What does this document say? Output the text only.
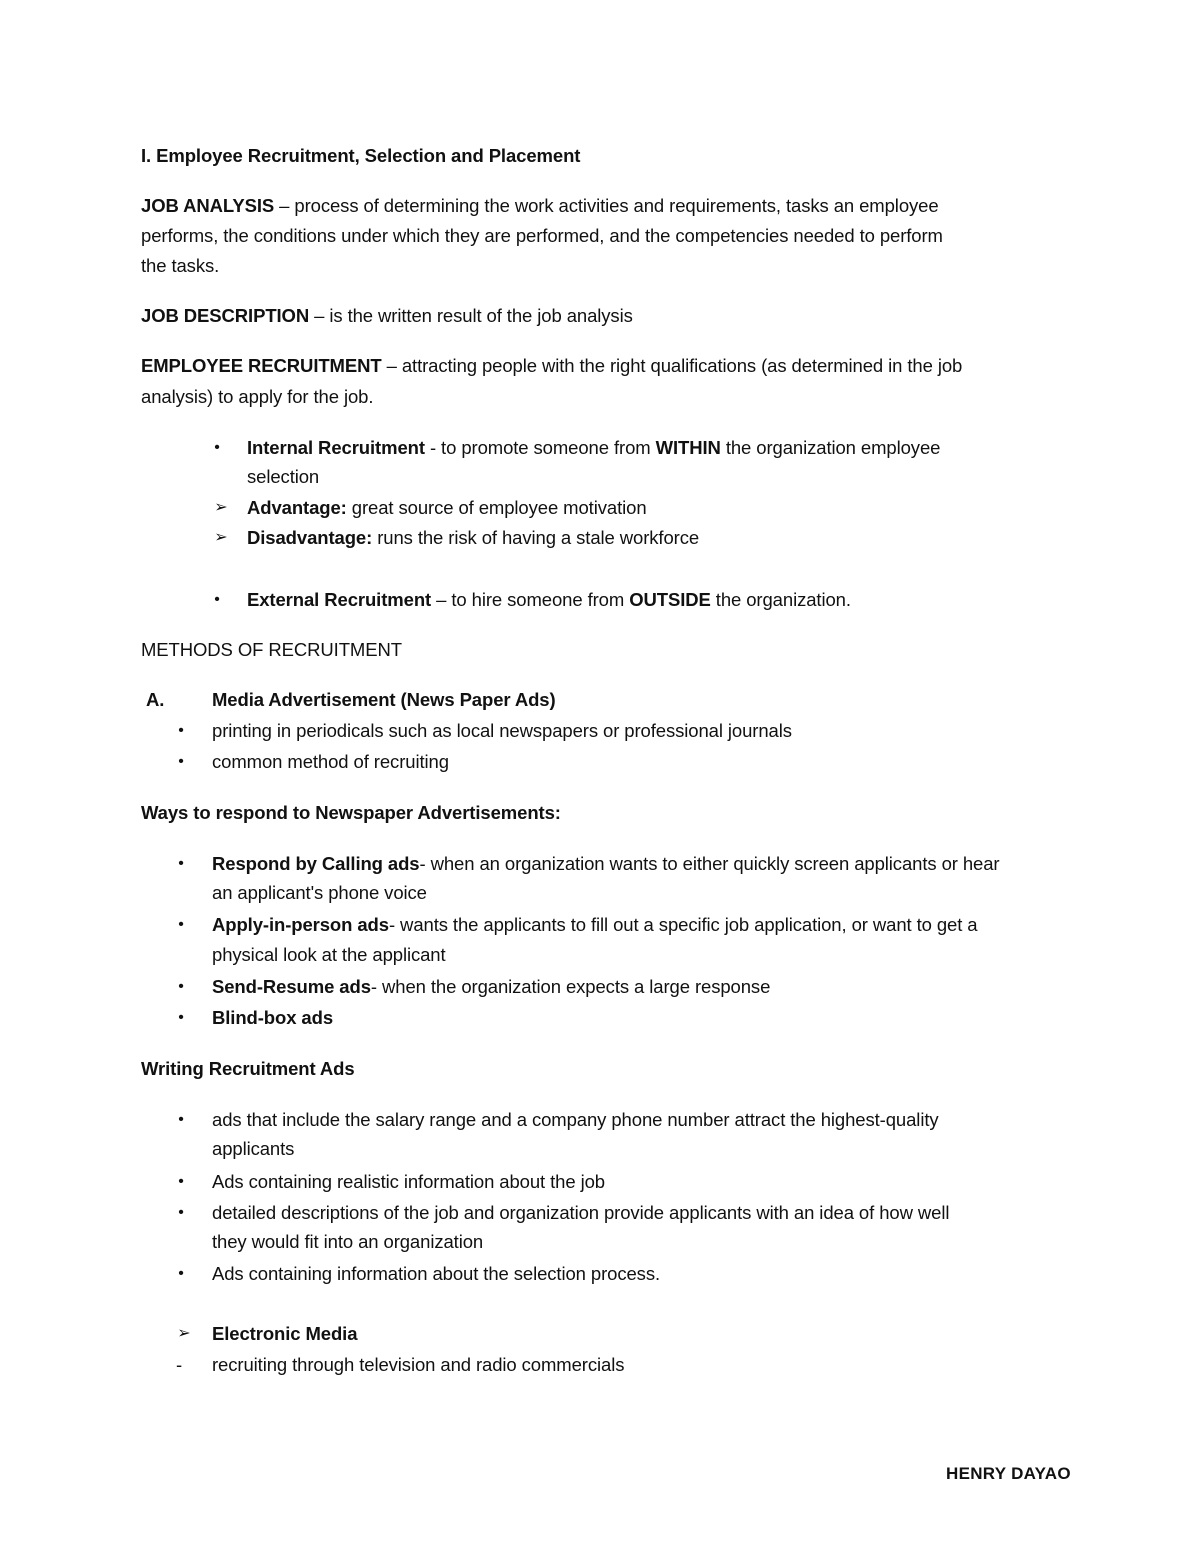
I. Employee Recruitment, Selection and Placement
JOB ANALYSIS – process of determining the work activities and requirements, tasks an employee
performs, the conditions under which they are performed, and the competencies needed to perform
the tasks.
JOB DESCRIPTION – is the written result of the job analysis
EMPLOYEE RECRUITMENT – attracting people with the right qualifications (as determined in the job
analysis) to apply for the job.
•	Internal Recruitment - to promote someone from WITHIN the organization employee
selection
➢ Advantage: great source of employee motivation
➢ Disadvantage: runs the risk of having a stale workforce
•	External Recruitment – to hire someone from OUTSIDE the organization.
METHODS OF RECRUITMENT
A.	Media Advertisement (News Paper Ads)
•	printing in periodicals such as local newspapers or professional journals
•	common method of recruiting
Ways to respond to Newspaper Advertisements:
•	Respond by Calling ads- when an organization wants to either quickly screen applicants or hear
an applicant's phone voice
•	Apply-in-person ads- wants the applicants to fill out a specific job application, or want to get a
physical look at the applicant
•	Send-Resume ads- when the organization expects a large response
•	Blind-box ads
Writing Recruitment Ads
•	ads that include the salary range and a company phone number attract the highest-quality
applicants
•	Ads containing realistic information about the job
•	detailed descriptions of the job and organization provide applicants with an idea of how well
they would fit into an organization
•	Ads containing information about the selection process.
➢ Electronic Media
- recruiting through television and radio commercials
HENRY DAYAO
